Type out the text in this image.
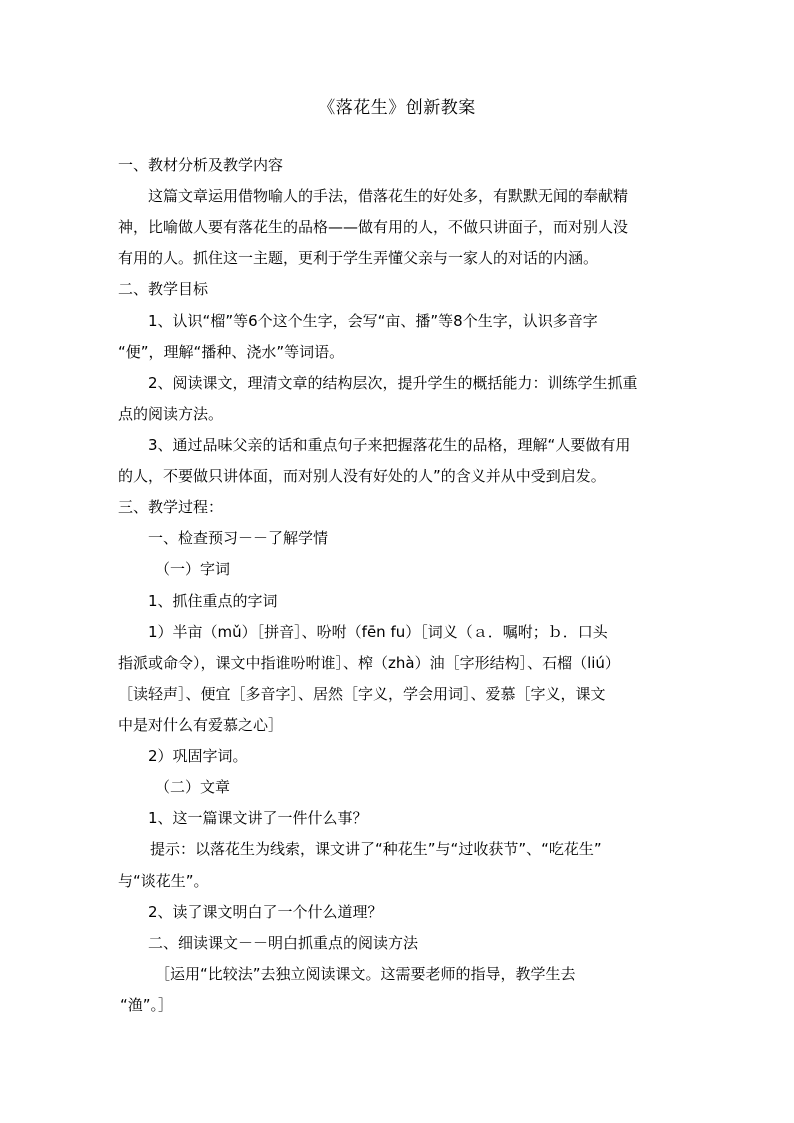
《落花生》创新教案
一、教材分析及教学内容
这篇文章运用借物喻人的手法，借落花生的好处多，有默默无闻的奉献精
神，比喻做人要有落花生的品格——做有用的人，不做只讲面子，而对别人没
有用的人。抓住这一主题，更利于学生弄懂父亲与一家人的对话的内涵。
二、教学目标
1、认识“榴”等6个这个生字，会写“亩、播”等8个生字，认识多音字
“便”，理解“播种、浇水”等词语。
2、阅读课文，理清文章的结构层次，提升学生的概括能力：训练学生抓重
点的阅读方法。
3、通过品味父亲的话和重点句子来把握落花生的品格，理解“人要做有用
的人，不要做只讲体面，而对别人没有好处的人”的含义并从中受到启发。
三、教学过程：
一、检查预习－－了解学情
（一）字词
1、抓住重点的字词
1）半亩（mǔ）［拼音］、吩咐（fēn fu）［词义（ａ．嘱咐；ｂ．口头
指派或命令），课文中指谁吩咐谁］、榨（zhà）油［字形结构］、石榴（liú）
［读轻声］、便宜［多音字］、居然［字义，学会用词］、爱慕［字义，课文
中是对什么有爱慕之心］
2）巩固字词。
（二）文章
1、这一篇课文讲了一件什么事？
提示：以落花生为线索，课文讲了“种花生”与“过收获节”、“吃花生”
与“谈花生”。
2、读了课文明白了一个什么道理？
二、细读课文－－明白抓重点的阅读方法
［运用“比较法”去独立阅读课文。这需要老师的指导，教学生去
“渔”。］
